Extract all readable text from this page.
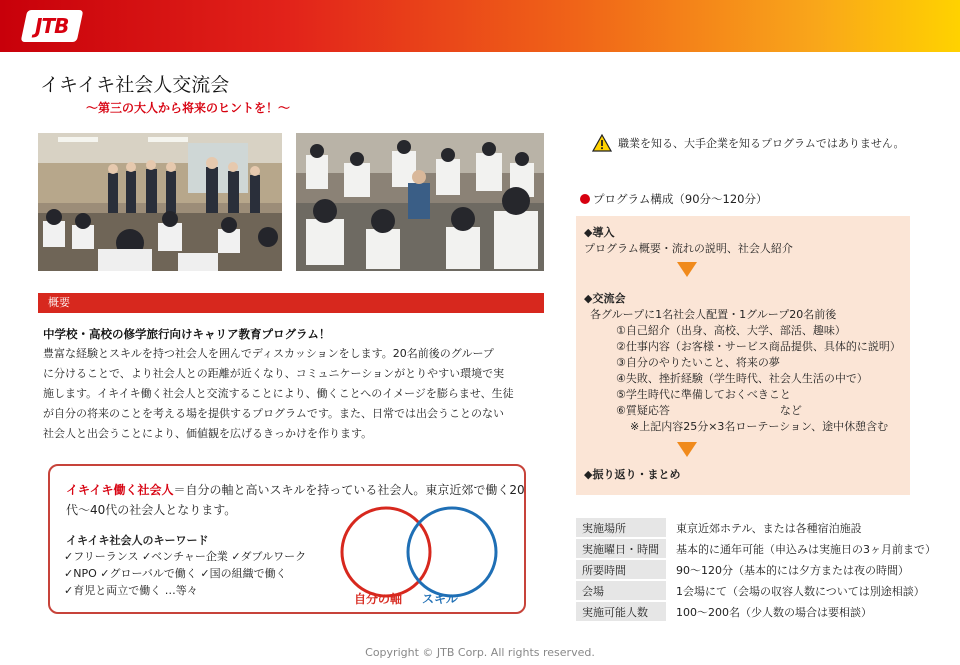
JTB
イキイキ社会人交流会
～第三の大人から将来のヒントを！～
概要
中学校・高校の修学旅行向けキャリア教育プログラム！

豊富な経験とスキルを持つ社会人を囲んでディスカッションをします。20名前後のグループ

に分けることで、より社会人との距離が近くなり、コミュニケーションがとりやすい環境で実

施します。イキイキ働く社会人と交流することにより、働くことへのイメージを膨らませ、生徒

が自分の将来のことを考える場を提供するプログラムです。また、日常では出会うことのない

社会人と出会うことにより、価値観を広げるきっかけを作ります。

イキイキ働く社会人＝自分の軸と高いスキルを持っている社会人。東京近郊で働く20代～40代の社会人となります。
イキイキ社会人のキーワード

✓フリーランス ✓ベンチャー企業 ✓ダブルワーク

✓NPO ✓グローバルで働く ✓国の組織で働く

✓育児と両立で働く …等々

自分の軸 スキル
職業を知る、大手企業を知るプログラムではありません。
プログラム構成（90分～120分）
◆導入
プログラム概要・流れの説明、社会人紹介
◆交流会
各グループに1名社会人配置・1グループ20名前後
①自己紹介（出身、高校、大学、部活、趣味）
②仕事内容（お客様・サービス商品提供、具体的に説明）
③自分のやりたいこと、将来の夢
④失敗、挫折経験（学生時代、社会人生活の中で）
⑤学生時代に準備しておくべきこと
⑥質疑応答　　　　　　　　　　など
※上記内容25分×3名ローテーション、途中休憩含む
◆振り返り・まとめ
実施場所	東京近郊ホテル、または各種宿泊施設
実施曜日・時間	基本的に通年可能（申込みは実施日の3ヶ月前まで）
所要時間	90～120分（基本的には夕方または夜の時間）
会場	1会場にて（会場の収容人数については別途相談）
実施可能人数	100～200名（少人数の場合は要相談）
Copyright © JTB Corp. All rights reserved.
